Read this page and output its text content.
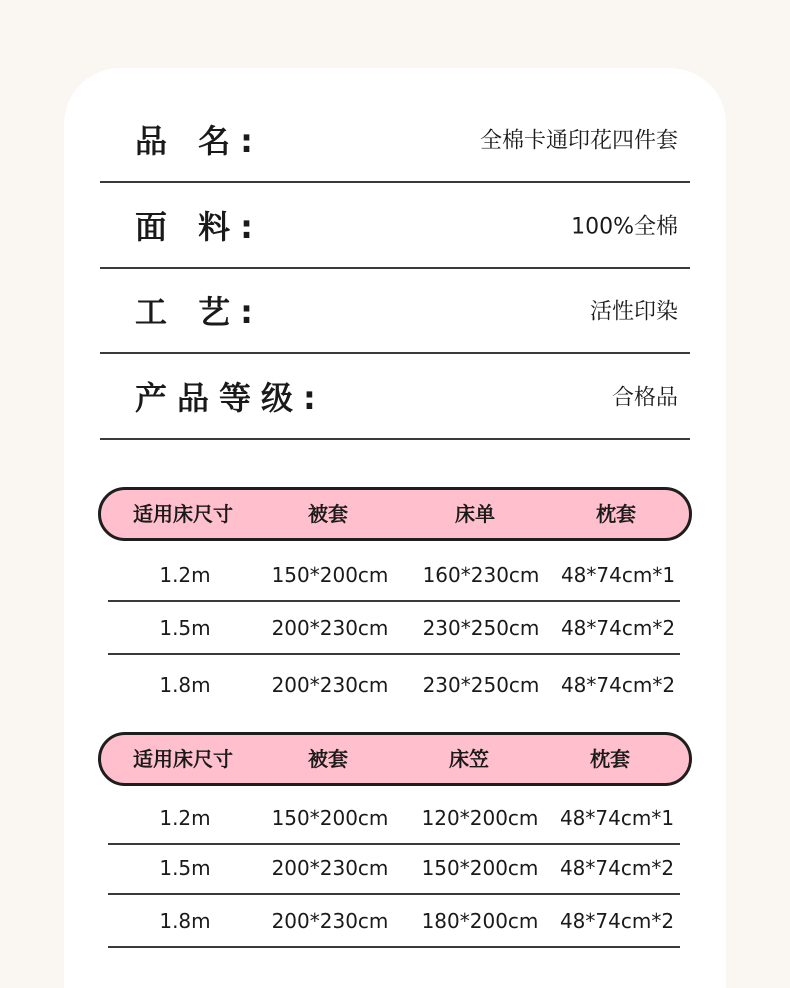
品 名:	全棉卡通印花四件套
面 料:	100%全棉
工 艺:	活性印染
产品等级:	合格品
适用床尺寸	被套	床单	枕套
1.2m	150*200cm 160*230cm 48*74cm*1
1.5m	200*230cm 230*250cm 48*74cm*2
1.8m	200*230cm 230*250cm 48*74cm*2
适用床尺寸	被套	床笠	枕套
1.2m	150*200cm 120*200cm 48*74cm*1
1.5m	200*230cm 150*200cm 48*74cm*2
1.8m	200*230cm 180*200cm 48*74cm*2
